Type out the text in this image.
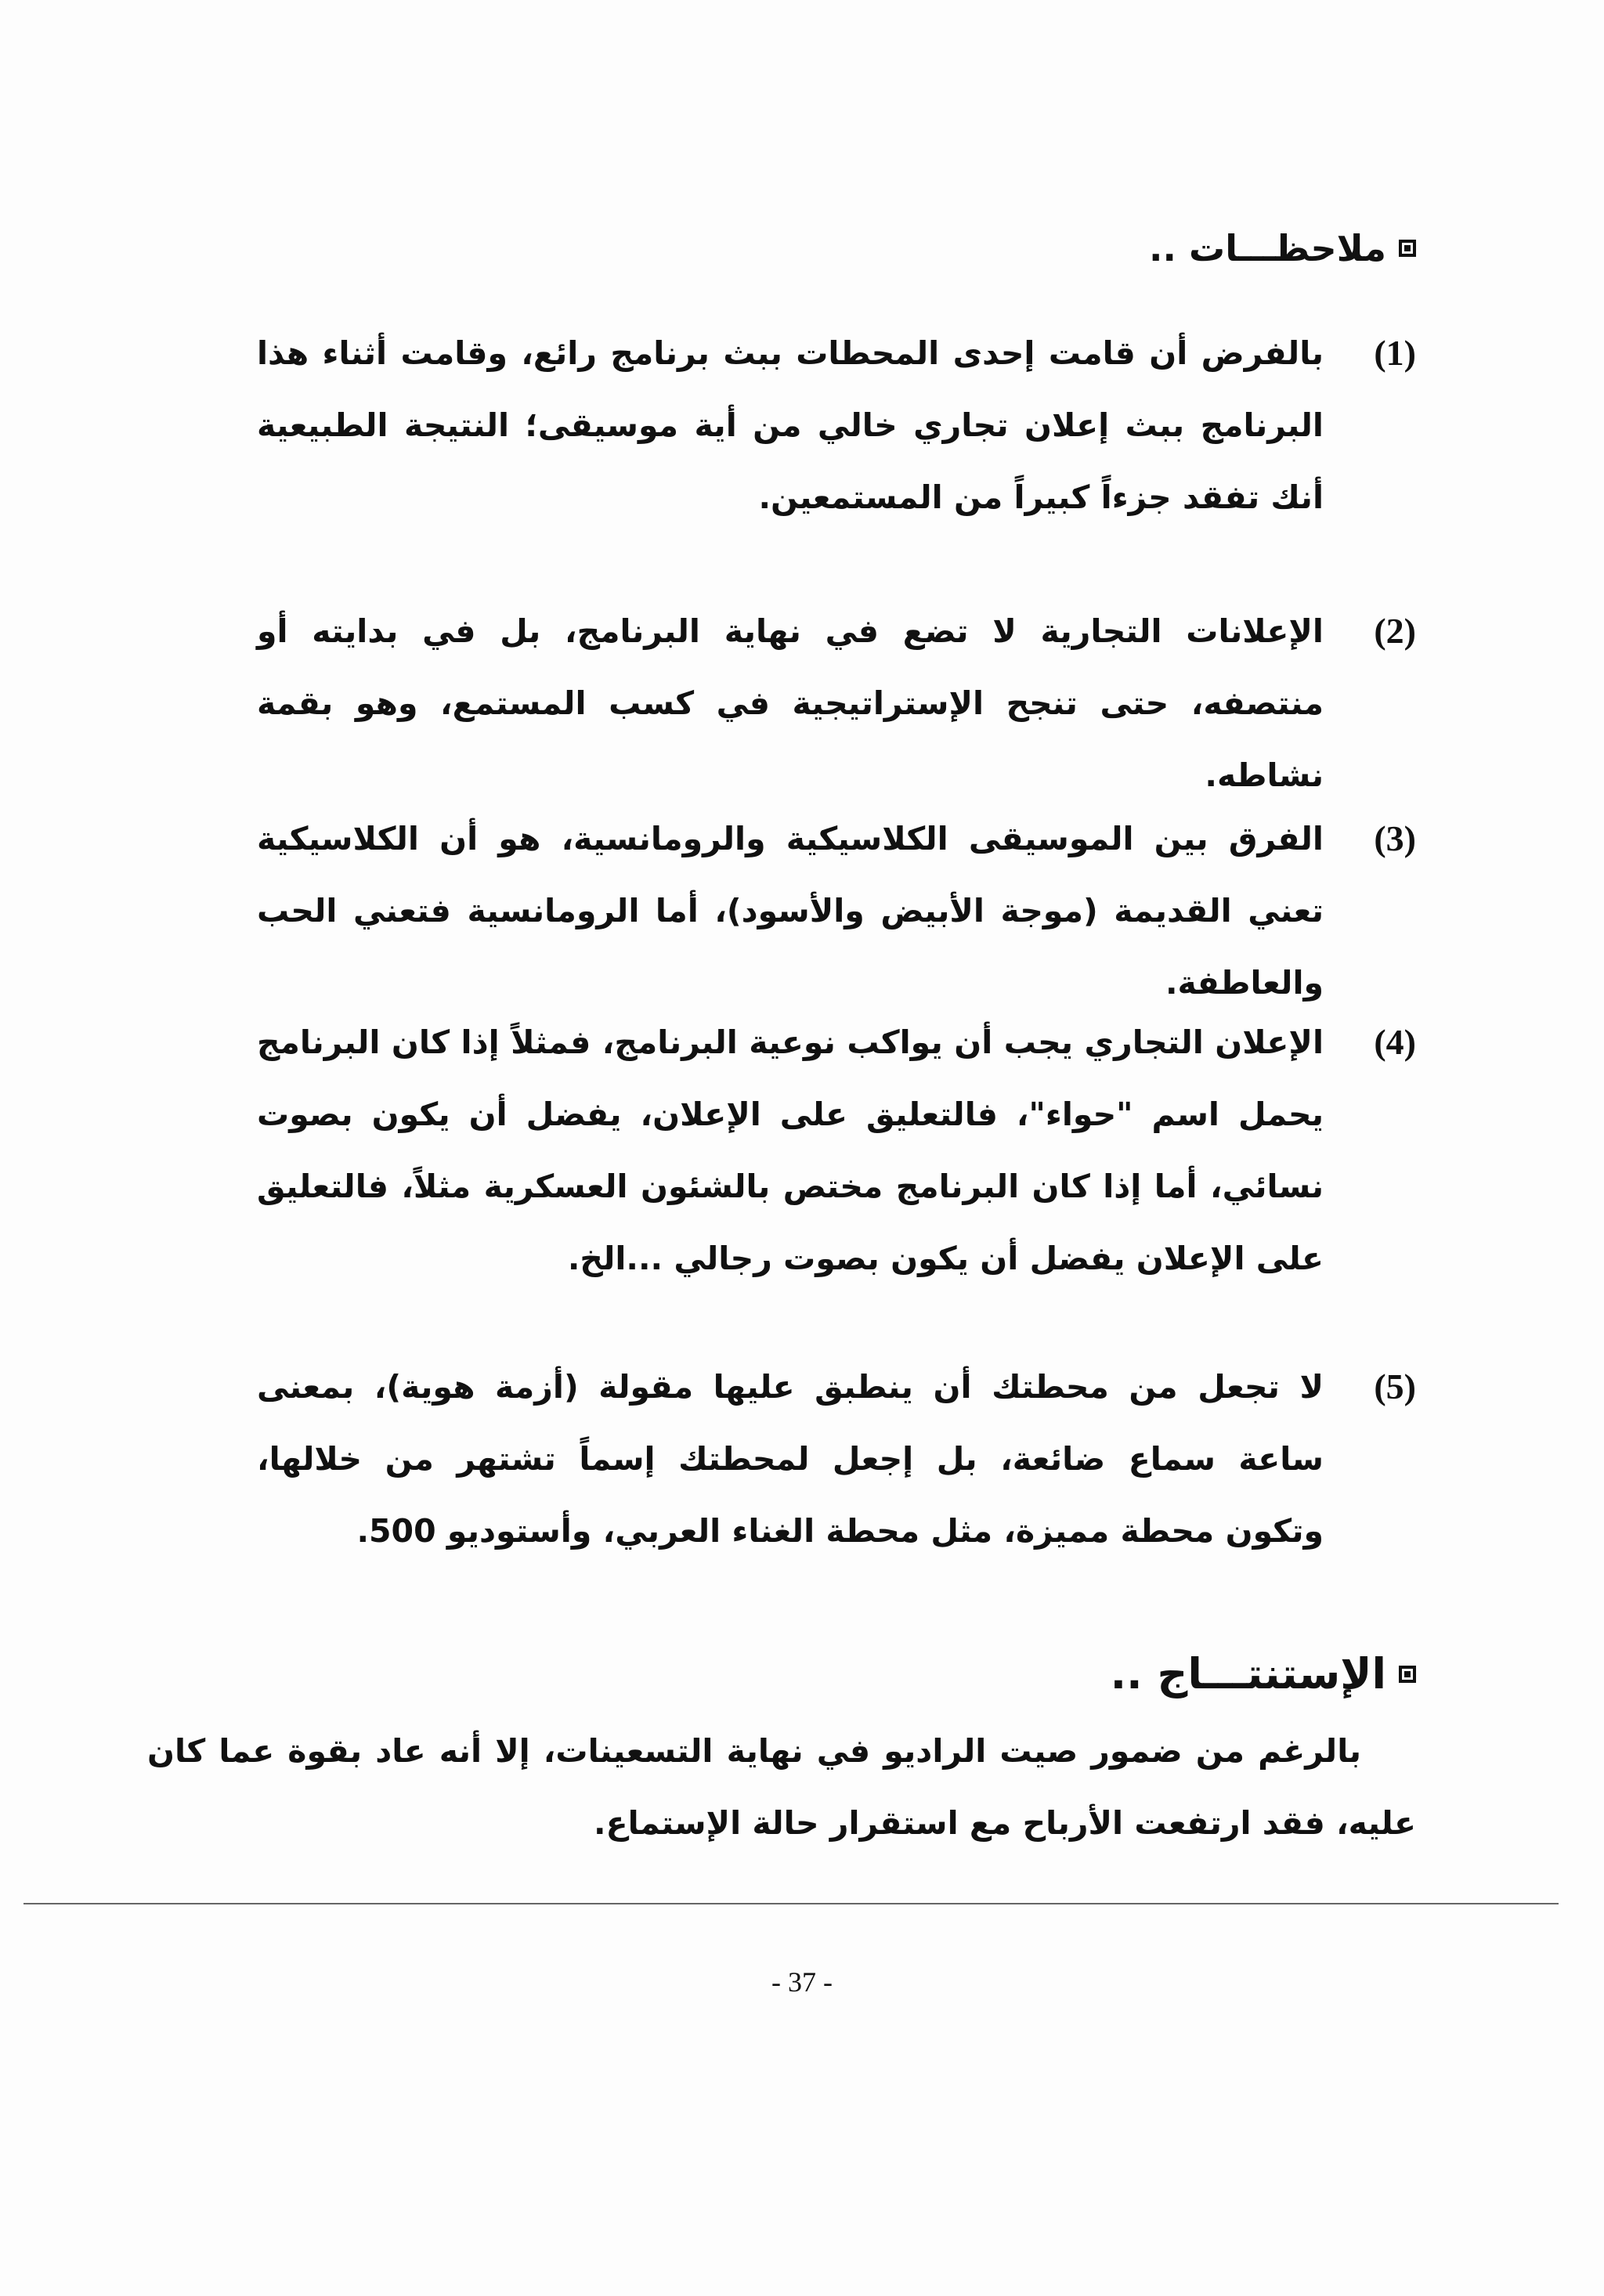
ملاحظـــات ..
(1)
بالفرض أن قامت إحدى المحطات ببث برنامج رائع، وقامت أثناء هذا البرنامج ببث إعلان تجاري خالي من أية موسيقى؛ النتيجة الطبيعية أنك تفقد جزءاً كبيراً من المستمعين.
(2)
الإعلانات التجارية لا تضع في نهاية البرنامج، بل في بدايته أو منتصفه، حتى تنجح الإستراتيجية في كسب المستمع، وهو بقمة نشاطه.
(3)
الفرق بين الموسيقى الكلاسيكية والرومانسية، هو أن الكلاسيكية تعني القديمة (موجة الأبيض والأسود)، أما الرومانسية فتعني الحب والعاطفة.
(4)
الإعلان التجاري يجب أن يواكب نوعية البرنامج، فمثلاً إذا كان البرنامج يحمل اسم "حواء"، فالتعليق على الإعلان، يفضل أن يكون بصوت نسائي، أما إذا كان البرنامج مختص بالشئون العسكرية مثلاً، فالتعليق على الإعلان يفضل أن يكون بصوت رجالي ...الخ.
(5)
لا تجعل من محطتك أن ينطبق عليها مقولة (أزمة هوية)، بمعنى ساعة سماع ضائعة، بل إجعل لمحطتك إسماً تشتهر من خلالها، وتكون محطة مميزة، مثل محطة الغناء العربي، وأستوديو 500.
الإستنتـــاج ..
بالرغم من ضمور صيت الراديو في نهاية التسعينات، إلا أنه عاد بقوة عما كان عليه، فقد ارتفعت الأرباح مع استقرار حالة الإستماع.
- 37 -
